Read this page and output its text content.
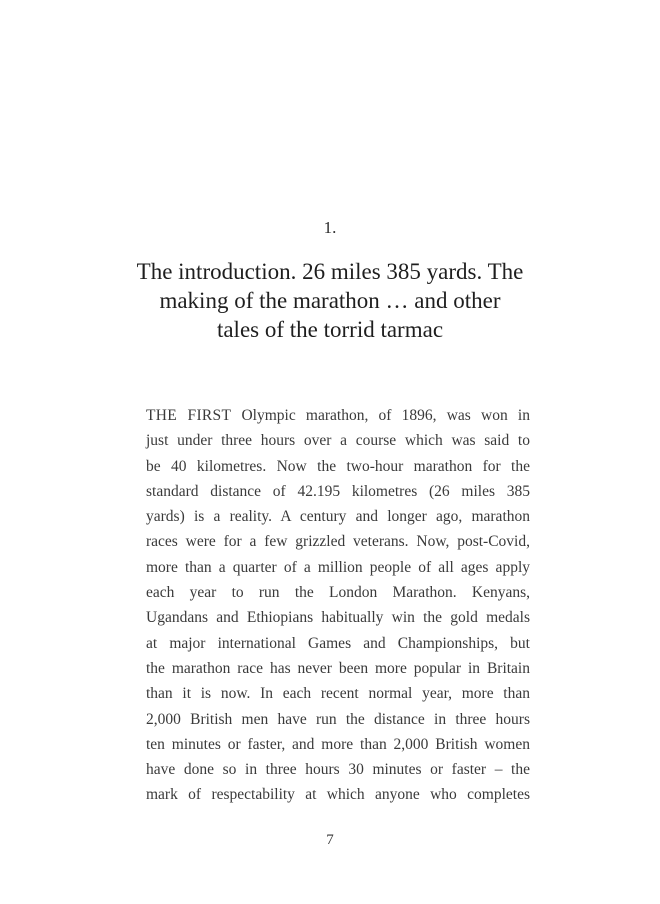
1.
The introduction. 26 miles 385 yards. The
making of the marathon … and other
tales of the torrid tarmac
THE FIRST Olympic marathon, of 1896, was won in
just under three hours over a course which was said to
be 40 kilometres. Now the two-hour marathon for the
standard distance of 42.195 kilometres (26 miles 385
yards) is a reality. A century and longer ago, marathon
races were for a few grizzled veterans. Now, post-Covid,
more than a quarter of a million people of all ages apply
each year to run the London Marathon. Kenyans,
Ugandans and Ethiopians habitually win the gold medals
at major international Games and Championships, but
the marathon race has never been more popular in Britain
than it is now. In each recent normal year, more than
2,000 British men have run the distance in three hours
ten minutes or faster, and more than 2,000 British women
have done so in three hours 30 minutes or faster – the
mark of respectability at which anyone who completes
7
